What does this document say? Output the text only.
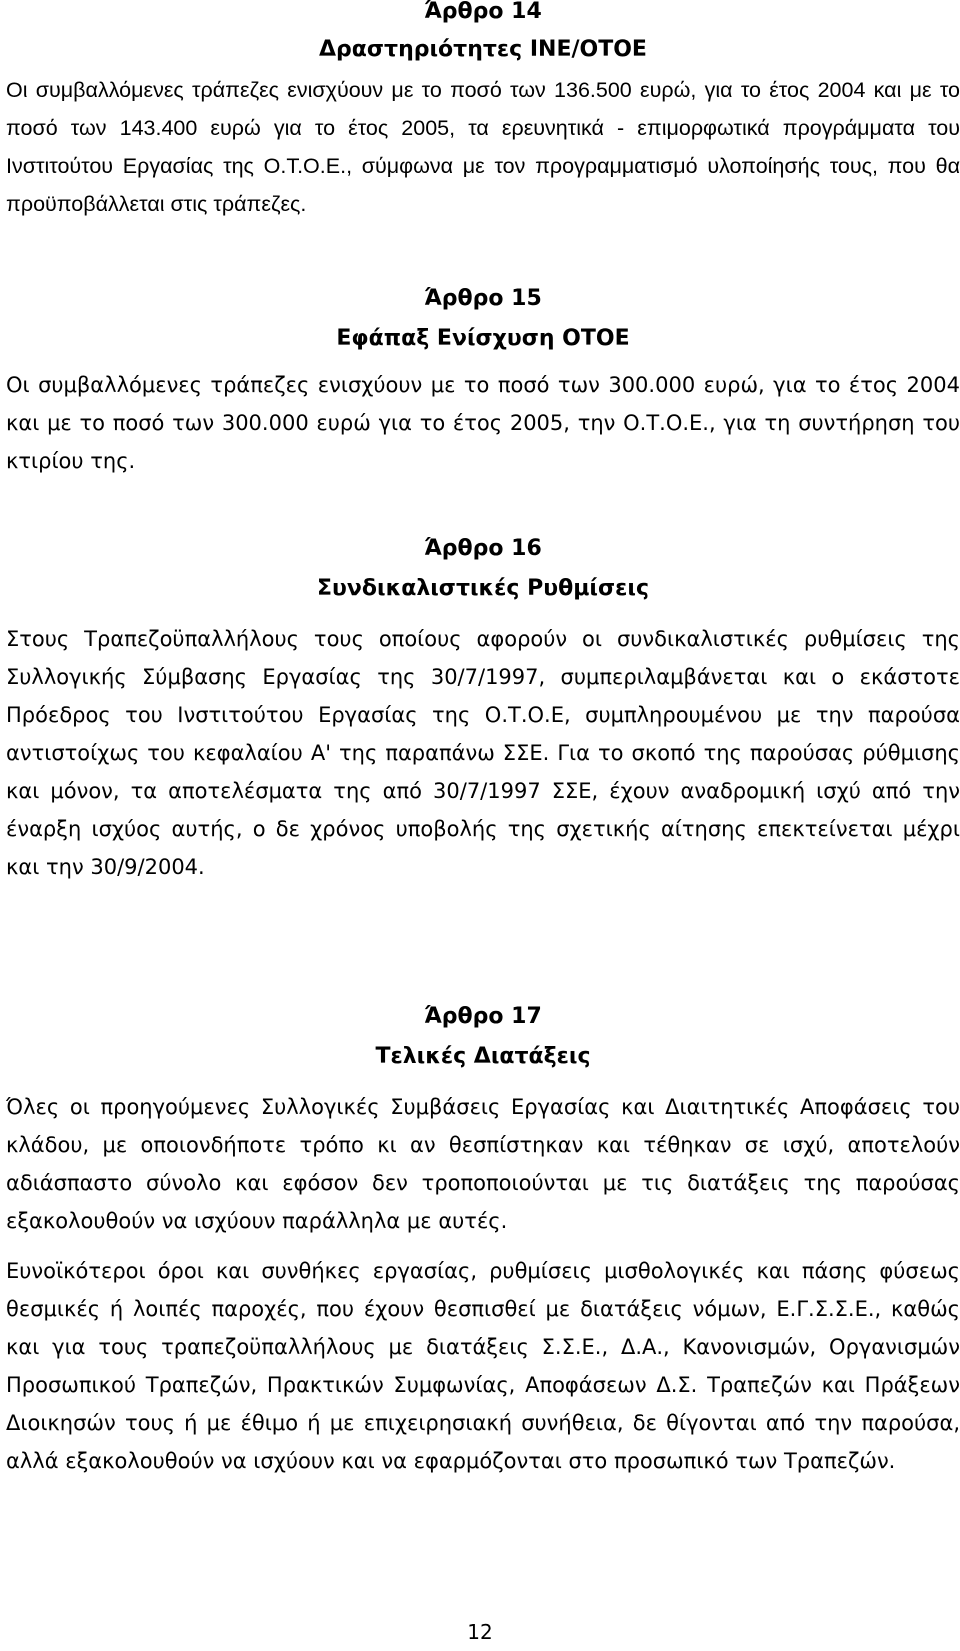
Άρθρο 14
Δραστηριότητες ΙΝΕ/ΟΤΟΕ

Οι συμβαλλόμενες τράπεζες ενισχύουν με το ποσό των 136.500 ευρώ, για το έτος 2004 και με το ποσό των 143.400 ευρώ για το έτος 2005, τα ερευνητικά - επιμορφωτικά προγράμματα του Ινστιτούτου Εργασίας της Ο.Τ.Ο.Ε., σύμφωνα με τον προγραμματισμό υλοποίησής τους, που θα προϋποβάλλεται στις τράπεζες.

Άρθρο 15
Εφάπαξ Ενίσχυση ΟΤΟΕ

Οι συμβαλλόμενες τράπεζες ενισχύουν με το ποσό των 300.000 ευρώ, για το έτος 2004 και με το ποσό των 300.000 ευρώ για το έτος 2005, την Ο.Τ.Ο.Ε., για τη συντήρηση του κτιρίου της.

Άρθρο 16
Συνδικαλιστικές Ρυθμίσεις

Στους Τραπεζοϋπαλλήλους τους οποίους αφορούν οι συνδικαλιστικές ρυθμίσεις της Συλλογικής Σύμβασης Εργασίας της 30/7/1997, συμπεριλαμβάνεται και ο εκάστοτε Πρόεδρος του Ινστιτούτου Εργασίας της Ο.Τ.Ο.Ε, συμπληρουμένου με την παρούσα αντιστοίχως του κεφαλαίου Α' της παραπάνω ΣΣΕ. Για το σκοπό της παρούσας ρύθμισης και μόνον, τα αποτελέσματα της από 30/7/1997 ΣΣΕ, έχουν αναδρομική ισχύ από την έναρξη ισχύος αυτής, ο δε χρόνος υποβολής της σχετικής αίτησης επεκτείνεται μέχρι και την 30/9/2004.

Άρθρο 17
Τελικές Διατάξεις

Όλες οι προηγούμενες Συλλογικές Συμβάσεις Εργασίας και Διαιτητικές Αποφάσεις του κλάδου, με οποιονδήποτε τρόπο κι αν θεσπίστηκαν και τέθηκαν σε ισχύ, αποτελούν αδιάσπαστο σύνολο και εφόσον δεν τροποποιούνται με τις διατάξεις της παρούσας εξακολουθούν να ισχύουν παράλληλα με αυτές.

Ευνοϊκότεροι όροι και συνθήκες εργασίας, ρυθμίσεις μισθολογικές και πάσης φύσεως θεσμικές ή λοιπές παροχές, που έχουν θεσπισθεί με διατάξεις νόμων, Ε.Γ.Σ.Σ.Ε., καθώς και για τους τραπεζοϋπαλλήλους με διατάξεις Σ.Σ.Ε., Δ.Α., Κανονισμών, Οργανισμών Προσωπικού Τραπεζών, Πρακτικών Συμφωνίας, Αποφάσεων Δ.Σ. Τραπεζών και Πράξεων Διοικησών τους ή με έθιμο ή με επιχειρησιακή συνήθεια, δε θίγονται από την παρούσα, αλλά εξακολουθούν να ισχύουν και να εφαρμόζονται στο προσωπικό των Τραπεζών.

12
